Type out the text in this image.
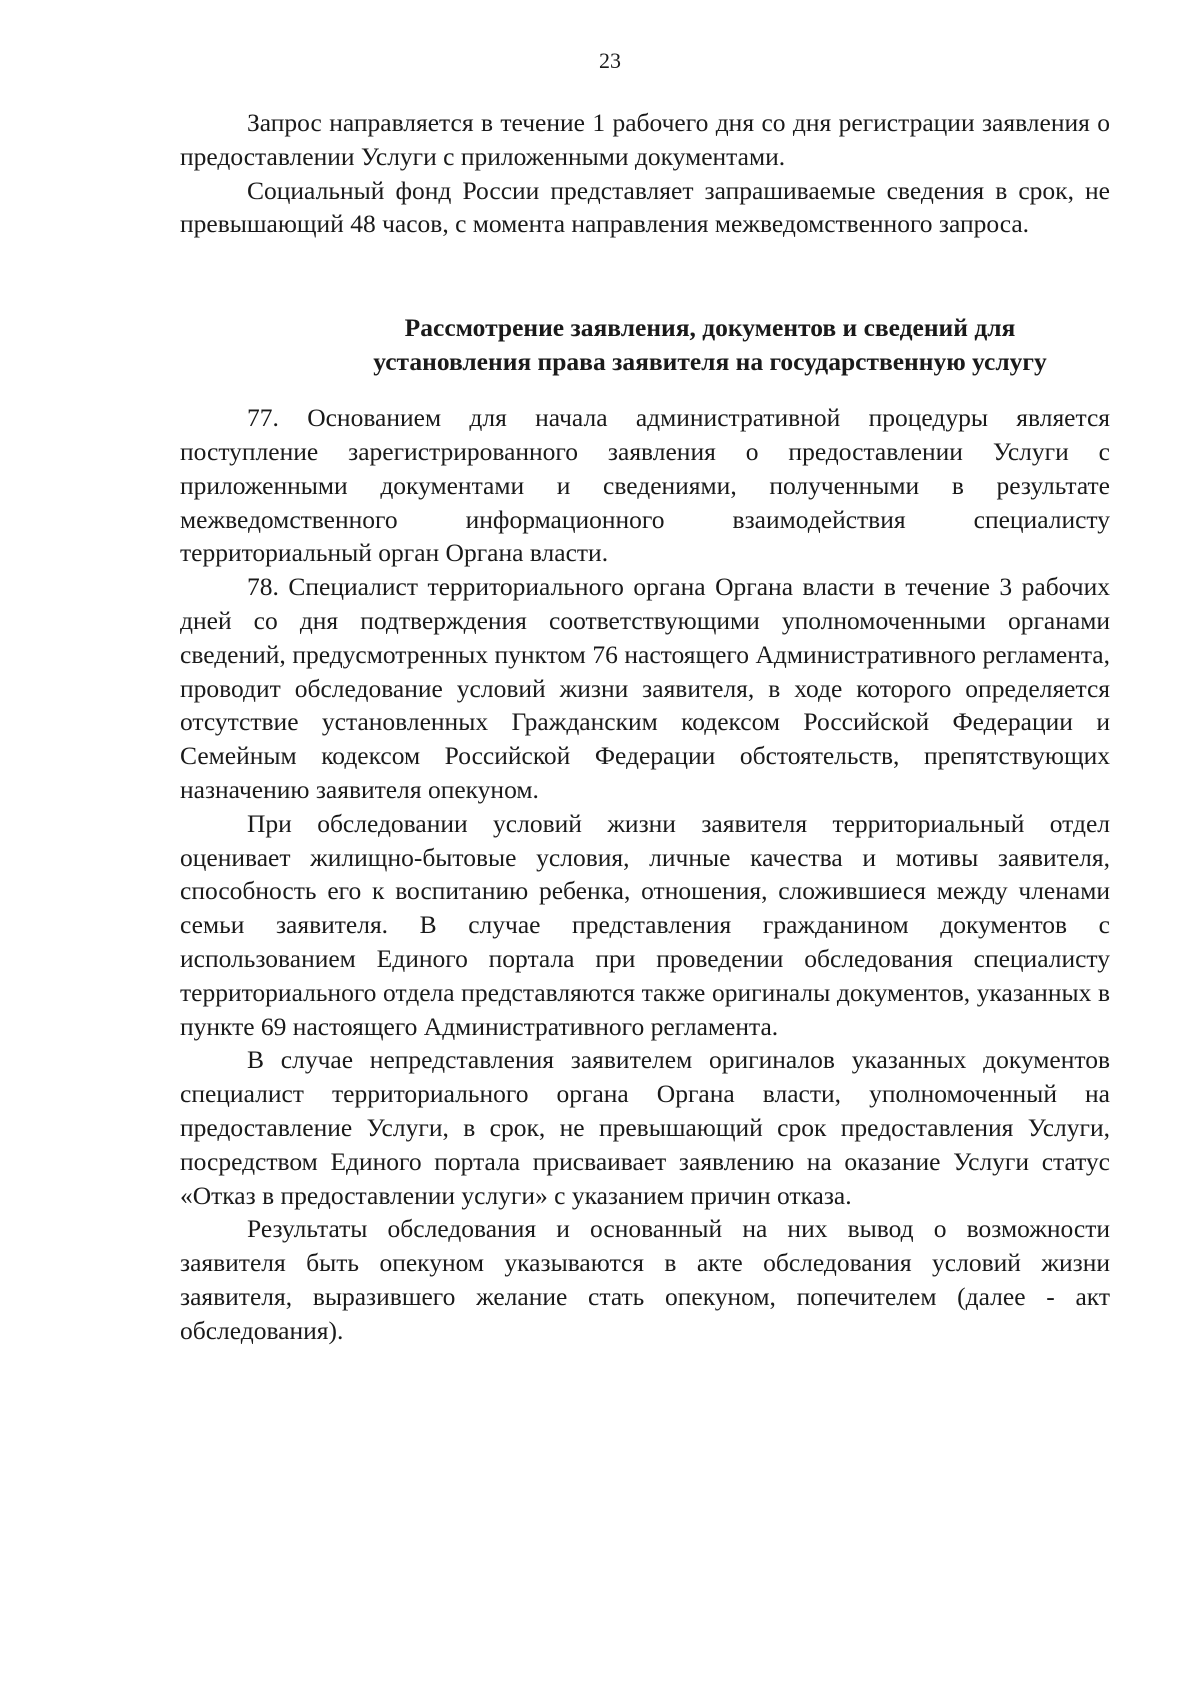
23

Запрос направляется в течение 1 рабочего дня со дня регистрации заявления о предоставлении Услуги с приложенными документами.

Социальный фонд России представляет запрашиваемые сведения в срок, не превышающий 48 часов, с момента направления межведомственного запроса.

Рассмотрение заявления, документов и сведений для
установления права заявителя на государственную услугу

77. Основанием для начала административной процедуры является поступление зарегистрированного заявления о предоставлении Услуги с приложенными документами и сведениями, полученными в результате межведомственного информационного взаимодействия специалисту территориальный орган Органа власти.

78. Специалист территориального органа Органа власти в течение 3 рабочих дней со дня подтверждения соответствующими уполномоченными органами сведений, предусмотренных пунктом 76 настоящего Административного регламента, проводит обследование условий жизни заявителя, в ходе которого определяется отсутствие установленных Гражданским кодексом Российской Федерации и Семейным кодексом Российской Федерации обстоятельств, препятствующих назначению заявителя опекуном.

При обследовании условий жизни заявителя территориальный отдел оценивает жилищно-бытовые условия, личные качества и мотивы заявителя, способность его к воспитанию ребенка, отношения, сложившиеся между членами семьи заявителя. В случае представления гражданином документов с использованием Единого портала при проведении обследования специалисту территориального отдела представляются также оригиналы документов, указанных в пункте 69 настоящего Административного регламента.

В случае непредставления заявителем оригиналов указанных документов специалист территориального органа Органа власти, уполномоченный на предоставление Услуги, в срок, не превышающий срок предоставления Услуги, посредством Единого портала присваивает заявлению на оказание Услуги статус «Отказ в предоставлении услуги» с указанием причин отказа.

Результаты обследования и основанный на них вывод о возможности заявителя быть опекуном указываются в акте обследования условий жизни заявителя, выразившего желание стать опекуном, попечителем (далее - акт обследования).
